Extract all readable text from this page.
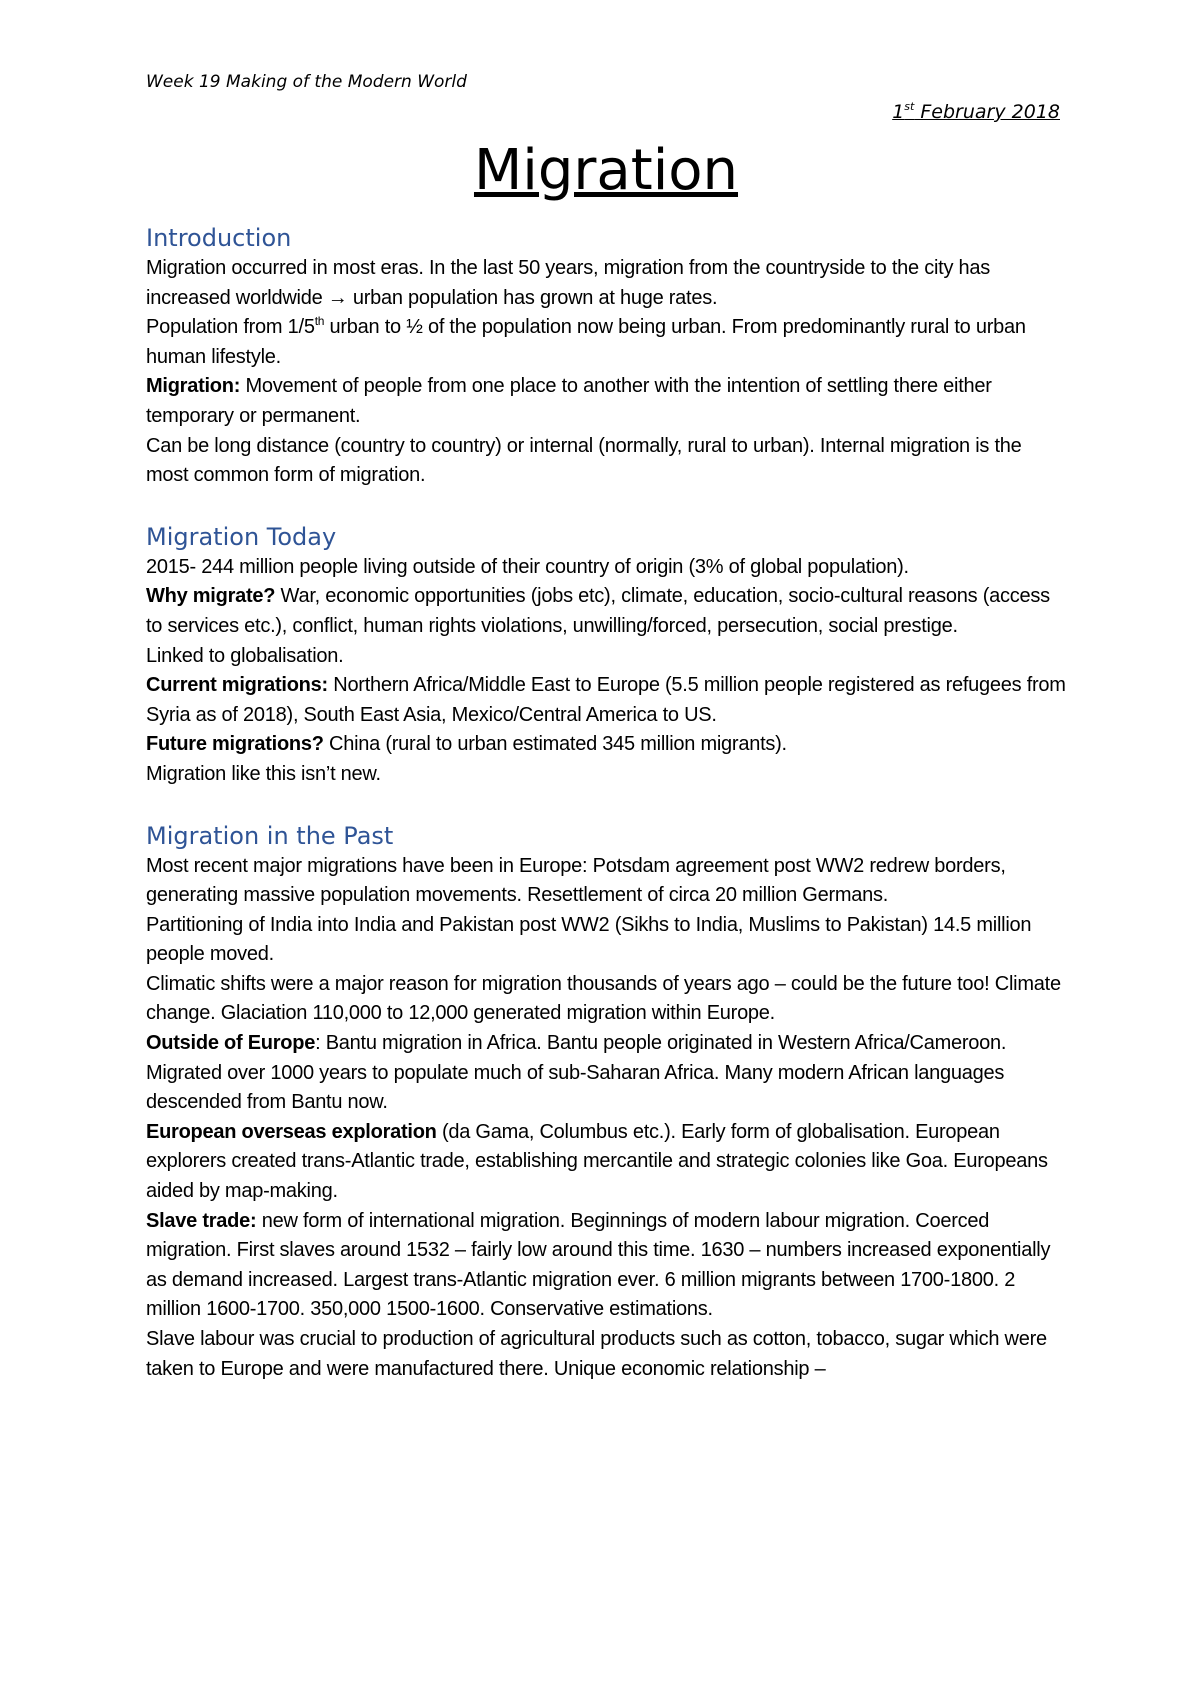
Week 19 Making of the Modern World
1st February 2018
Migration
Introduction

Migration occurred in most eras. In the last 50 years, migration from the countryside to the city has increased worldwide → urban population has grown at huge rates.

Population from 1/5th urban to ½ of the population now being urban. From predominantly rural to urban human lifestyle.

Migration: Movement of people from one place to another with the intention of settling there either temporary or permanent.

Can be long distance (country to country) or internal (normally, rural to urban). Internal migration is the most common form of migration.

Migration Today

2015- 244 million people living outside of their country of origin (3% of global population).

Why migrate? War, economic opportunities (jobs etc), climate, education, socio-cultural reasons (access to services etc.), conflict, human rights violations, unwilling/forced, persecution, social prestige.

Linked to globalisation.

Current migrations: Northern Africa/Middle East to Europe (5.5 million people registered as refugees from Syria as of 2018), South East Asia, Mexico/Central America to US.

Future migrations? China (rural to urban estimated 345 million migrants).

Migration like this isn’t new.

Migration in the Past

Most recent major migrations have been in Europe: Potsdam agreement post WW2 redrew borders, generating massive population movements. Resettlement of circa 20 million Germans.

Partitioning of India into India and Pakistan post WW2 (Sikhs to India, Muslims to Pakistan) 14.5 million people moved.

Climatic shifts were a major reason for migration thousands of years ago – could be the future too! Climate change. Glaciation 110,000 to 12,000 generated migration within Europe.

Outside of Europe: Bantu migration in Africa. Bantu people originated in Western Africa/Cameroon. Migrated over 1000 years to populate much of sub-Saharan Africa. Many modern African languages descended from Bantu now.

European overseas exploration (da Gama, Columbus etc.). Early form of globalisation. European explorers created trans-Atlantic trade, establishing mercantile and strategic colonies like Goa. Europeans aided by map-making.

Slave trade: new form of international migration. Beginnings of modern labour migration. Coerced migration. First slaves around 1532 – fairly low around this time. 1630 – numbers increased exponentially as demand increased. Largest trans-Atlantic migration ever. 6 million migrants between 1700-1800. 2 million 1600-1700. 350,000 1500-1600. Conservative estimations.

Slave labour was crucial to production of agricultural products such as cotton, tobacco, sugar which were taken to Europe and were manufactured there. Unique economic relationship –
